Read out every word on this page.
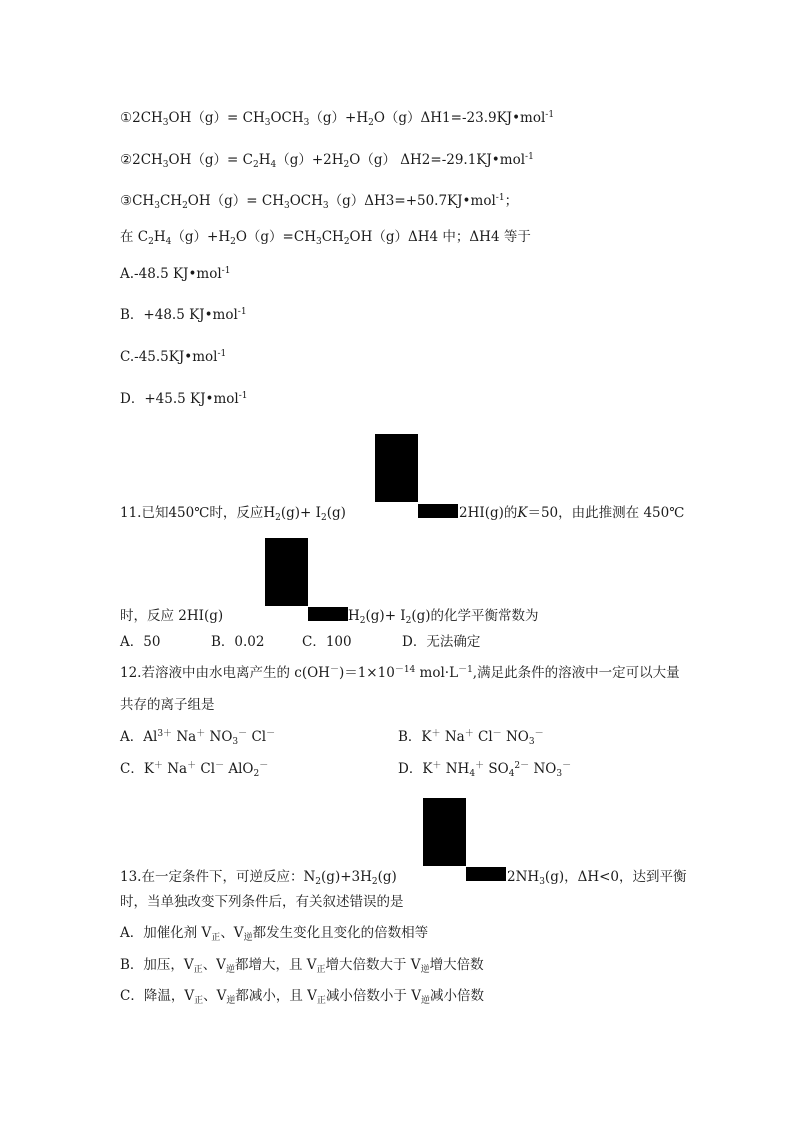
$①2CH_3OH(g)=$ $CH_3OCH_3(g)+H_2O(g)\Delta H1=-23.9KJ•mol^{-1}$
$②2CH_3OH(g)= C_2H_4(g)+2H_2O(g)$ ΔH2=-29.1KJ•mol$^{-1}$
$③CH_3CH_2OH(g)=$ $CH_3OCH_3(g)\Delta H3=+50.7KJ•mol^{-1}$；
在 $C_2H_4(g)+H_2O(g)=CH_3CH_2OH(g)\Delta H4$ 中；ΔH4 等于
A.-48.5 KJ•mol$^{-1}$
B．+48.5 KJ•mol$^{-1}$
C.-45.5KJ•mol$^{-1}$
D．+45.5 KJ•mol$^{-1}$
11.已知450℃时，反应$H_2(g)+ I_2(g)$	2HI(g)的K＝50，由此推测在 450℃
时，反应 2HI(g)	$H_2(g)+ I_2(g)$的化学平衡常数为
A．50	B．0.02	C．100	D．无法确定
12.若溶液中由水电离产生的 $c(OH^-)=1\times 10^{-14}$ $mol\cdot L^{-1}$,满足此条件的溶液中一定可以大量
共存的离子组是
A．$Al^{3+}$ Na＋ $NO_3^-$ Cl－	B．K＋ Na＋ Cl－ $NO_3^-$
C．K＋ Na＋ Cl－ AlO$_2$－	D．K＋ $NH_4^+$ $SO_4^{2-}$ $NO_3^-$
13.在一定条件下，可逆反应：$N_2(g)+3H_2(g)$	$2NH_3(g)$，ΔH<0，达到平衡
时，当单独改变下列条件后，有关叙述错误的是
A．加催化剂 $V_正$、$V_逆$都发生变化且变化的倍数相等
B．加压，$V_正$、$V_逆$都增大，且 $V_正$增大倍数大于 $V_逆$增大倍数
C．降温，$V_正$、$V_逆$都减小，且 $V_正$减小倍数小于 $V_逆$减小倍数
